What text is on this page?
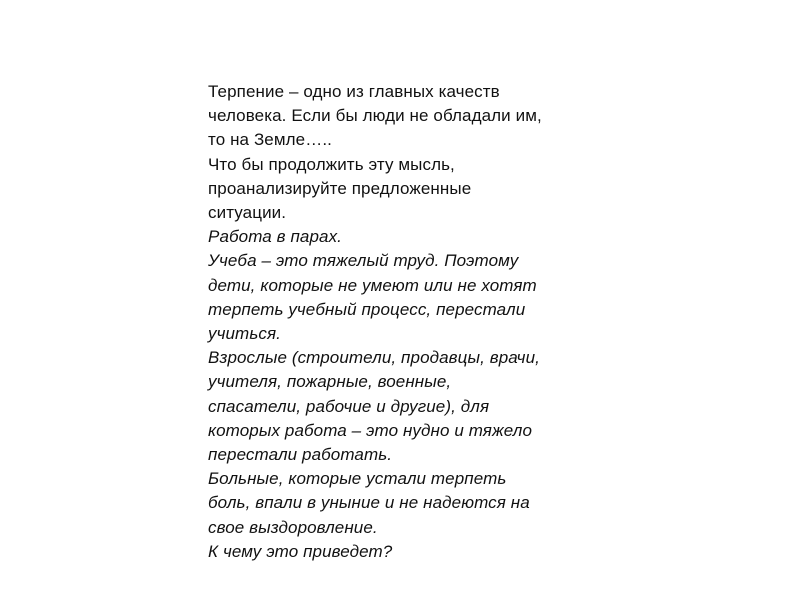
Терпение – одно из главных качеств
человека. Если бы люди не обладали им,
то на Земле…..
Что бы продолжить эту мысль,
проанализируйте предложенные
ситуации.
Работа в парах.
Учеба – это тяжелый труд. Поэтому
дети, которые не умеют или не хотят
терпеть учебный процесс, перестали
учиться.
Взрослые (строители, продавцы, врачи,
учителя, пожарные, военные,
спасатели, рабочие и другие), для
которых работа – это нудно и тяжело
перестали работать.
Больные, которые устали терпеть
боль, впали в уныние и не надеются на
свое выздоровление.
К чему это приведет?
